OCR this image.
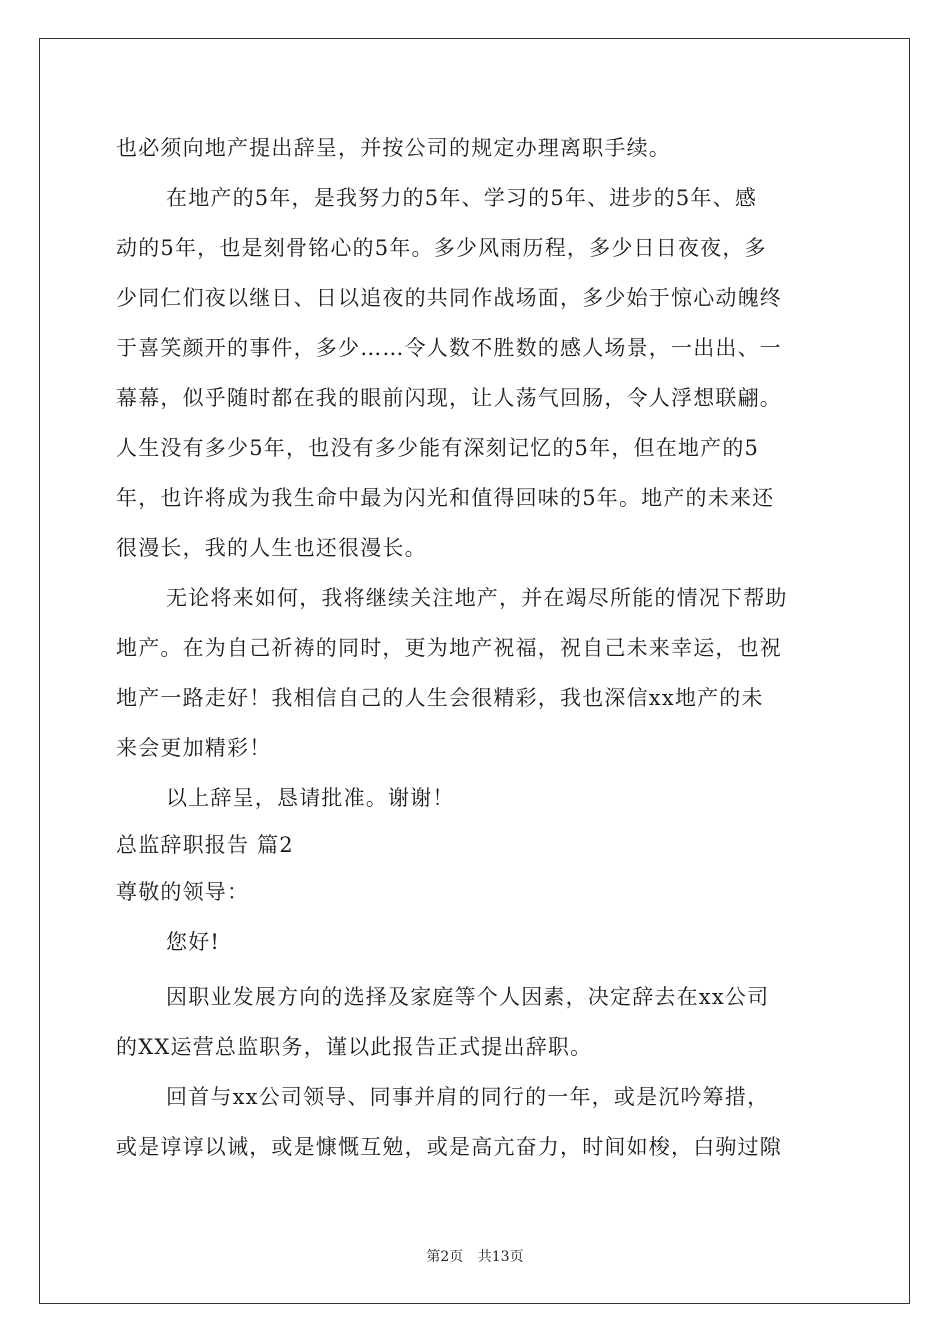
也必须向地产提出辞呈，并按公司的规定办理离职手续。
在地产的5年，是我努力的5年、学习的5年、进步的5年、感
动的5年，也是刻骨铭心的5年。多少风雨历程，多少日日夜夜，多
少同仁们夜以继日、日以追夜的共同作战场面，多少始于惊心动魄终
于喜笑颜开的事件，多少……令人数不胜数的感人场景，一出出、一
幕幕，似乎随时都在我的眼前闪现，让人荡气回肠，令人浮想联翩。
人生没有多少5年，也没有多少能有深刻记忆的5年，但在地产的5
年，也许将成为我生命中最为闪光和值得回味的5年。地产的未来还
很漫长，我的人生也还很漫长。
无论将来如何，我将继续关注地产，并在竭尽所能的情况下帮助
地产。在为自己祈祷的同时，更为地产祝福，祝自己未来幸运，也祝
地产一路走好！我相信自己的人生会很精彩，我也深信xx地产的未
来会更加精彩！
以上辞呈，恳请批准。谢谢！
总监辞职报告 篇2
尊敬的领导：
您好!
因职业发展方向的选择及家庭等个人因素，决定辞去在xx公司
的XX运营总监职务，谨以此报告正式提出辞职。
回首与xx公司领导、同事并肩的同行的一年，或是沉吟筹措，
或是谆谆以诫，或是慷慨互勉，或是高亢奋力，时间如梭，白驹过隙
第2页 共13页
